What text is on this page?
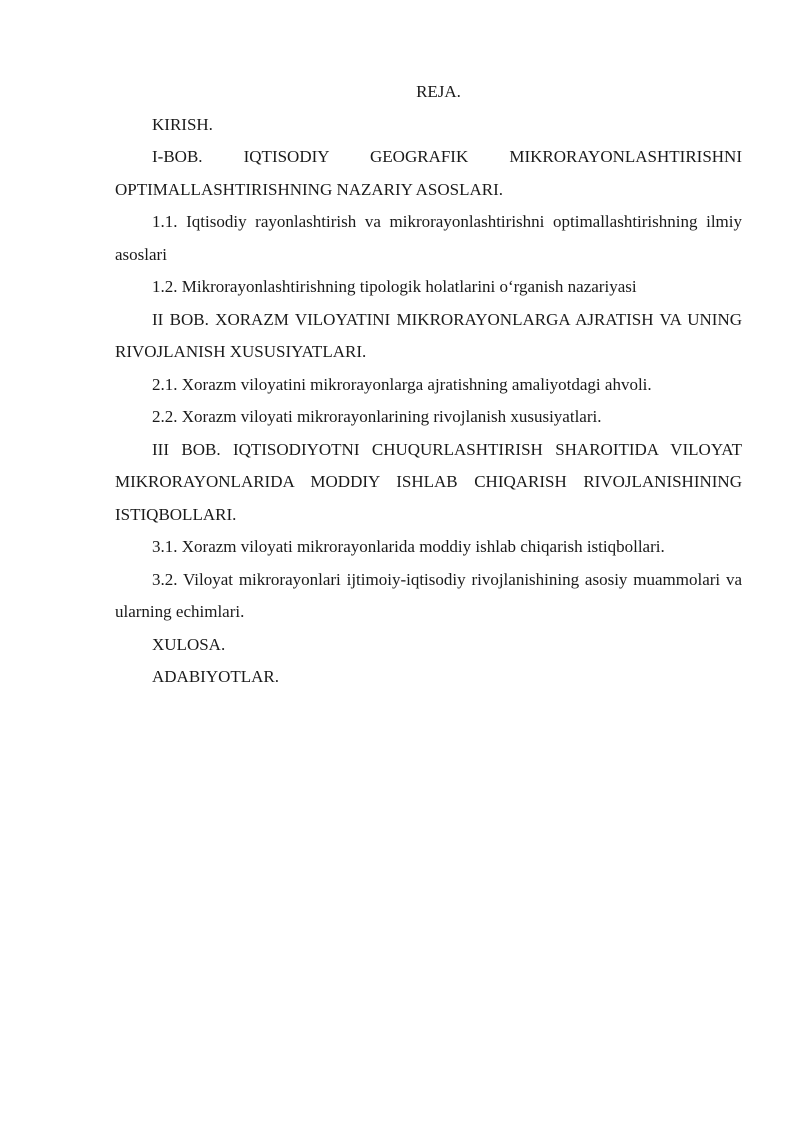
REJA.

KIRISH.

I-BOB. IQTISODIY GEOGRAFIK MIKRORAYONLASHTIRISHNI OPTIMALLASHTIRISHNING NAZARIY ASOSLARI.

1.1. Iqtisodiy rayonlashtirish va mikrorayonlashtirishni optimallashtirishning ilmiy asoslari

1.2. Mikrorayonlashtirishning tipologik holatlarini o‘rganish nazariyasi

II BOB. XORAZM VILOYATINI MIKRORAYONLARGA AJRATISH VA UNING RIVOJLANISH XUSUSIYATLARI.

2.1. Xorazm viloyatini mikrorayonlarga ajratishning amaliyotdagi ahvoli.

2.2. Xorazm viloyati mikrorayonlarining rivojlanish xususiyatlari.

III BOB. IQTISODIYOTNI CHUQURLASHTIRISH SHAROITIDA VILOYAT MIKRORAYONLARIDA MODDIY ISHLAB CHIQARISH RIVOJLANISHINING ISTIQBOLLARI.

3.1. Xorazm viloyati mikrorayonlarida moddiy ishlab chiqarish istiqbollari.

3.2. Viloyat mikrorayonlari ijtimoiy-iqtisodiy rivojlanishining asosiy muammolari va ularning echimlari.

XULOSA.

ADABIYOTLAR.
